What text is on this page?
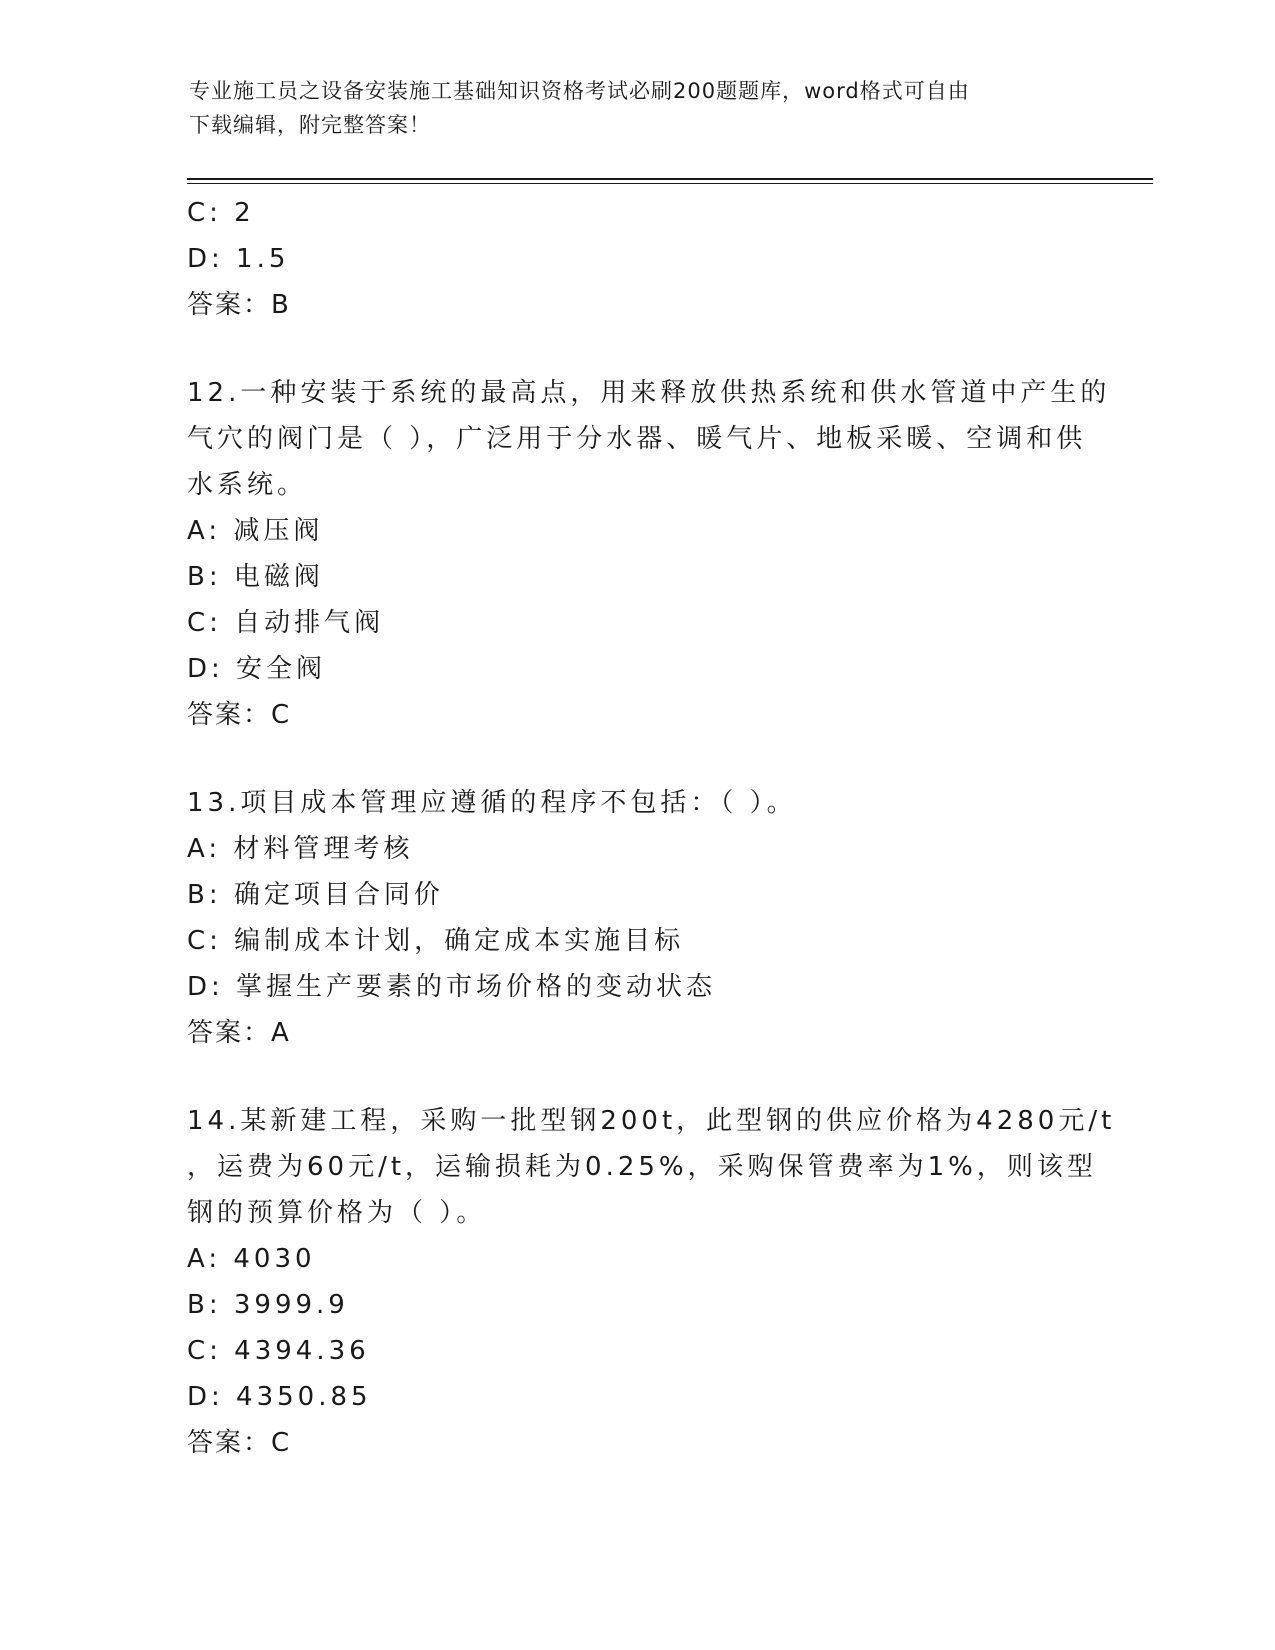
专业施工员之设备安装施工基础知识资格考试必刷200题题库，word格式可自由
下载编辑，附完整答案！
C: 2
D: 1.5
答案：B
12.一种安装于系统的最高点，用来释放供热系统和供水管道中产生的
气穴的阀门是（ ），广泛用于分水器、暖气片、地板采暖、空调和供
水系统。
A: 减压阀
B: 电磁阀
C: 自动排气阀
D: 安全阀
答案：C
13.项目成本管理应遵循的程序不包括：（ ）。
A: 材料管理考核
B: 确定项目合同价
C: 编制成本计划，确定成本实施目标
D: 掌握生产要素的市场价格的变动状态
答案：A
14.某新建工程，采购一批型钢200t，此型钢的供应价格为4280元/t
，运费为60元/t，运输损耗为0.25%，采购保管费率为1%，则该型
钢的预算价格为（ ）。
A: 4030
B: 3999.9
C: 4394.36
D: 4350.85
答案：C
